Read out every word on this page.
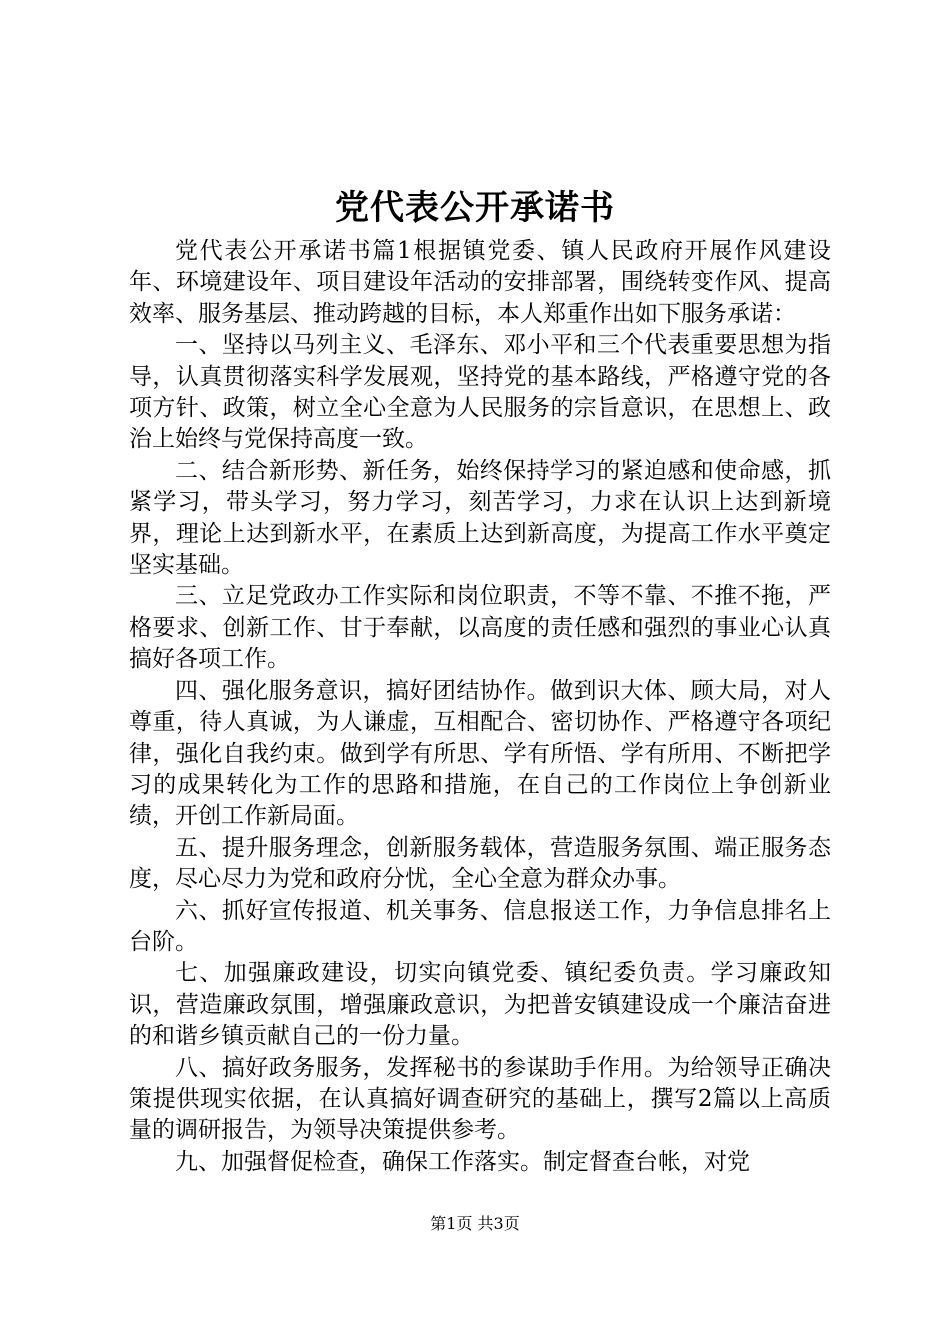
党代表公开承诺书

党代表公开承诺书篇1根据镇党委、镇人民政府开展作风建设年、环境建设年、项目建设年活动的安排部署，围绕转变作风、提高效率、服务基层、推动跨越的目标，本人郑重作出如下服务承诺：

一、坚持以马列主义、毛泽东、邓小平和三个代表重要思想为指导，认真贯彻落实科学发展观，坚持党的基本路线，严格遵守党的各项方针、政策，树立全心全意为人民服务的宗旨意识，在思想上、政治上始终与党保持高度一致。

二、结合新形势、新任务，始终保持学习的紧迫感和使命感，抓紧学习，带头学习，努力学习，刻苦学习，力求在认识上达到新境界，理论上达到新水平，在素质上达到新高度，为提高工作水平奠定坚实基础。

三、立足党政办工作实际和岗位职责，不等不靠、不推不拖，严格要求、创新工作、甘于奉献，以高度的责任感和强烈的事业心认真搞好各项工作。

四、强化服务意识，搞好团结协作。做到识大体、顾大局，对人尊重，待人真诚，为人谦虚，互相配合、密切协作、严格遵守各项纪律，强化自我约束。做到学有所思、学有所悟、学有所用、不断把学习的成果转化为工作的思路和措施，在自己的工作岗位上争创新业绩，开创工作新局面。

五、提升服务理念，创新服务载体，营造服务氛围、端正服务态度，尽心尽力为党和政府分忧，全心全意为群众办事。

六、抓好宣传报道、机关事务、信息报送工作，力争信息排名上台阶。

七、加强廉政建设，切实向镇党委、镇纪委负责。学习廉政知识，营造廉政氛围，增强廉政意识，为把普安镇建设成一个廉洁奋进的和谐乡镇贡献自己的一份力量。

八、搞好政务服务，发挥秘书的参谋助手作用。为给领导正确决策提供现实依据，在认真搞好调查研究的基础上，撰写2篇以上高质量的调研报告，为领导决策提供参考。

九、加强督促检查，确保工作落实。制定督查台帐，对党

第1页 共3页
